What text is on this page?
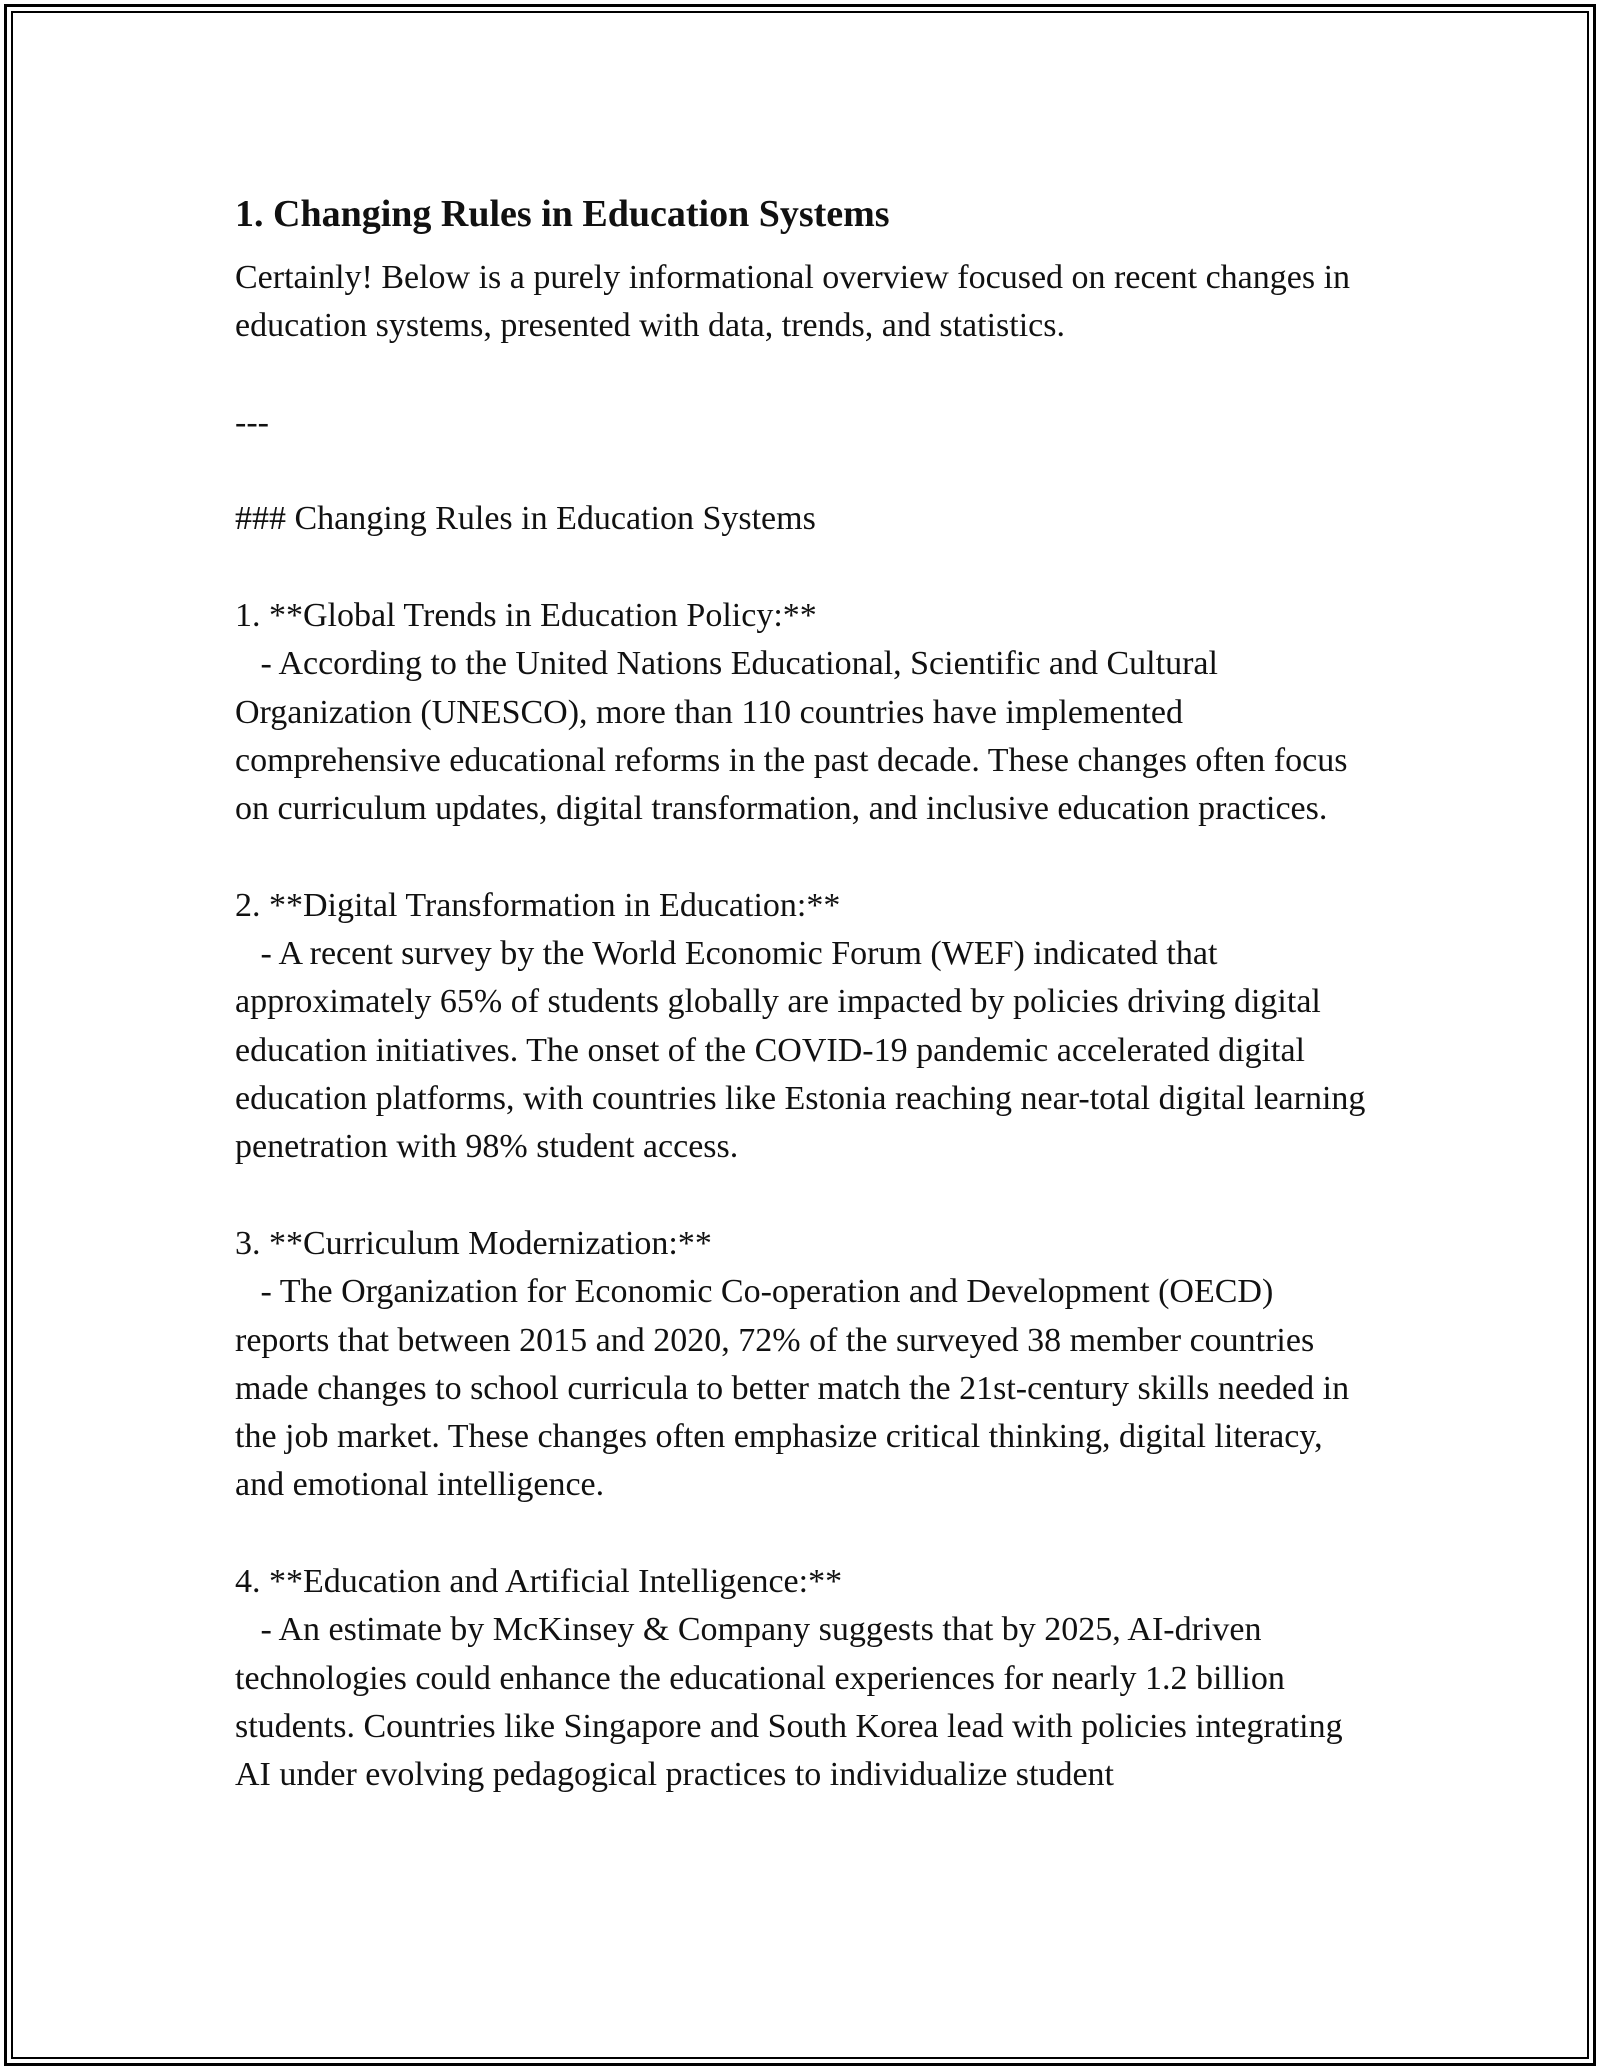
1. Changing Rules in Education Systems

Certainly! Below is a purely informational overview focused on recent changes in education systems, presented with data, trends, and statistics.

---

### Changing Rules in Education Systems

1. **Global Trends in Education Policy:**

- According to the United Nations Educational, Scientific and Cultural Organization (UNESCO), more than 110 countries have implemented comprehensive educational reforms in the past decade. These changes often focus on curriculum updates, digital transformation, and inclusive education practices.

2. **Digital Transformation in Education:**

- A recent survey by the World Economic Forum (WEF) indicated that approximately 65% of students globally are impacted by policies driving digital education initiatives. The onset of the COVID-19 pandemic accelerated digital education platforms, with countries like Estonia reaching near-total digital learning penetration with 98% student access.

3. **Curriculum Modernization:**

- The Organization for Economic Co-operation and Development (OECD) reports that between 2015 and 2020, 72% of the surveyed 38 member countries made changes to school curricula to better match the 21st-century skills needed in the job market. These changes often emphasize critical thinking, digital literacy, and emotional intelligence.

4. **Education and Artificial Intelligence:**

- An estimate by McKinsey & Company suggests that by 2025, AI-driven technologies could enhance the educational experiences for nearly 1.2 billion students. Countries like Singapore and South Korea lead with policies integrating AI under evolving pedagogical practices to individualize student
